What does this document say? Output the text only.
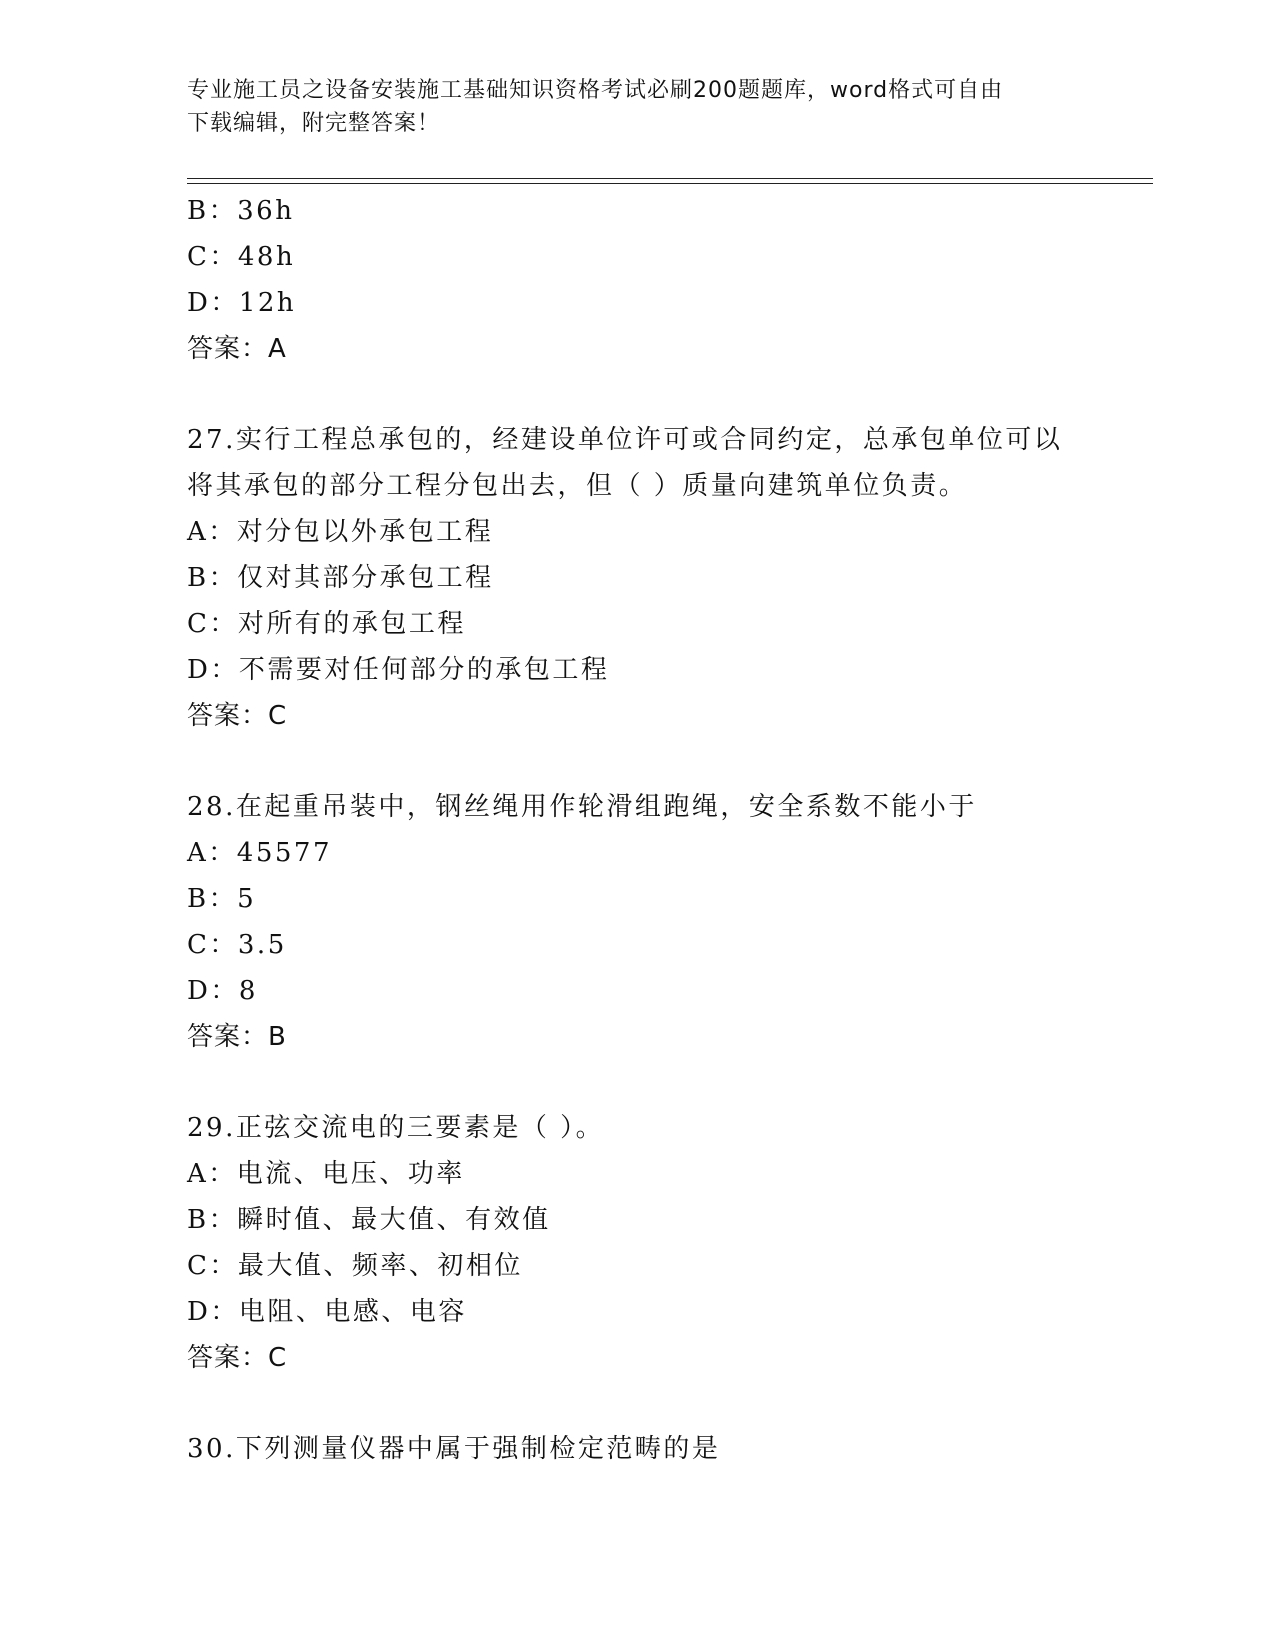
专业施工员之设备安装施工基础知识资格考试必刷200题题库，word格式可自由
下载编辑，附完整答案！
B：36h
C：48h
D：12h
答案：A
27.实行工程总承包的，经建设单位许可或合同约定，总承包单位可以
将其承包的部分工程分包出去，但（ ）质量向建筑单位负责。
A：对分包以外承包工程
B：仅对其部分承包工程
C：对所有的承包工程
D：不需要对任何部分的承包工程
答案：C
28.在起重吊装中，钢丝绳用作轮滑组跑绳，安全系数不能小于
A：45577
B：5
C：3.5
D：8
答案：B
29.正弦交流电的三要素是（ ）。
A：电流、电压、功率
B：瞬时值、最大值、有效值
C：最大值、频率、初相位
D：电阻、电感、电容
答案：C
30.下列测量仪器中属于强制检定范畴的是
